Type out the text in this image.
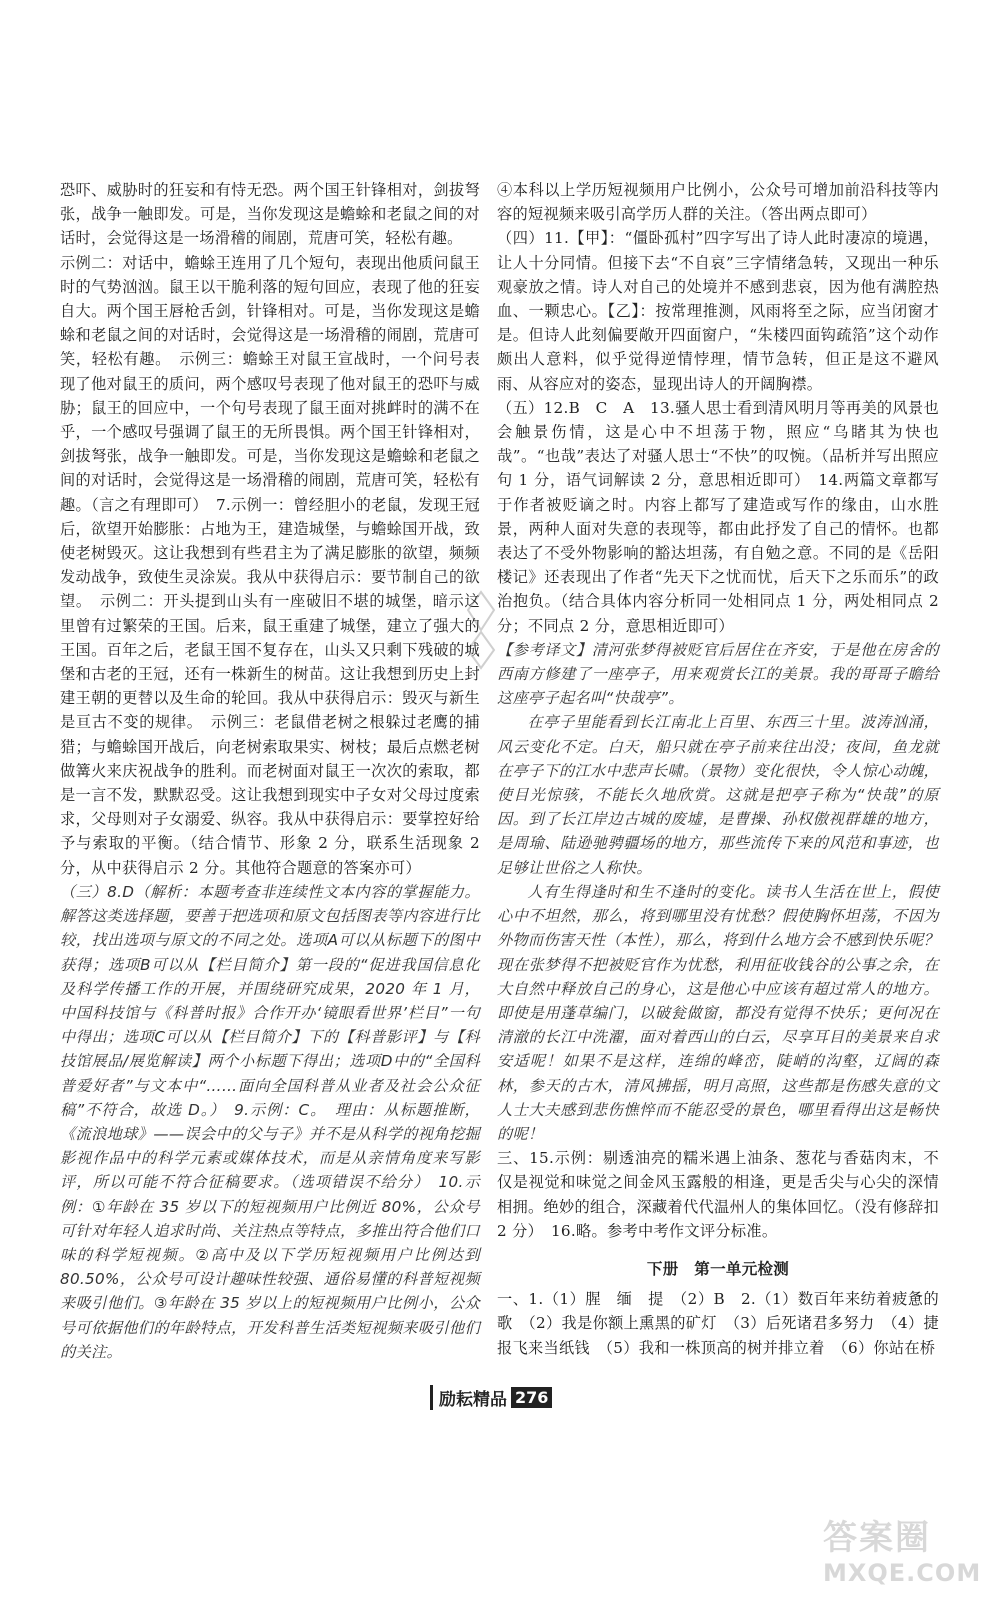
恐吓、威胁时的狂妄和有恃无恐。两个国王针锋相对，剑拔弩张，战争一触即发。可是，当你发现这是蟾蜍和老鼠之间的对话时，会觉得这是一场滑稽的闹剧，荒唐可笑，轻松有趣。

示例二：对话中，蟾蜍王连用了几个短句，表现出他质问鼠王时的气势汹汹。鼠王以干脆利落的短句回应，表现了他的狂妄自大。两个国王唇枪舌剑，针锋相对。可是，当你发现这是蟾蜍和老鼠之间的对话时，会觉得这是一场滑稽的闹剧，荒唐可笑，轻松有趣。　示例三：蟾蜍王对鼠王宣战时，一个问号表现了他对鼠王的质问，两个感叹号表现了他对鼠王的恐吓与威胁；鼠王的回应中，一个句号表现了鼠王面对挑衅时的满不在乎，一个感叹号强调了鼠王的无所畏惧。两个国王针锋相对，剑拔弩张，战争一触即发。可是，当你发现这是蟾蜍和老鼠之间的对话时，会觉得这是一场滑稽的闹剧，荒唐可笑，轻松有趣。（言之有理即可）　7.示例一：曾经胆小的老鼠，发现王冠后，欲望开始膨胀：占地为王，建造城堡，与蟾蜍国开战，致使老树毁灭。这让我想到有些君主为了满足膨胀的欲望，频频发动战争，致使生灵涂炭。我从中获得启示：要节制自己的欲望。　示例二：开头提到山头有一座破旧不堪的城堡，暗示这里曾有过繁荣的王国。后来，鼠王重建了城堡，建立了强大的王国。百年之后，老鼠王国不复存在，山头又只剩下残破的城堡和古老的王冠，还有一株新生的树苗。这让我想到历史上封建王朝的更替以及生命的轮回。我从中获得启示：毁灭与新生是亘古不变的规律。　示例三：老鼠借老树之根躲过老鹰的捕猎；与蟾蜍国开战后，向老树索取果实、树枝；最后点燃老树做篝火来庆祝战争的胜利。而老树面对鼠王一次次的索取，都是一言不发，默默忍受。这让我想到现实中子女对父母过度索求，父母则对子女溺爱、纵容。我从中获得启示：要掌控好给予与索取的平衡。（结合情节、形象 2 分，联系生活现象 2 分，从中获得启示 2 分。其他符合题意的答案亦可）

（三）8.D（解析：本题考查非连续性文本内容的掌握能力。解答这类选择题，要善于把选项和原文包括图表等内容进行比较，找出选项与原文的不同之处。选项A可以从标题下的图中获得；选项B可以从【栏目简介】第一段的“促进我国信息化及科学传播工作的开展，并围绕研究成果，2020 年 1 月，中国科技馆与《科普时报》合作开办‘镜眼看世界’栏目”一句中得出；选项C可以从【栏目简介】下的【科普影评】与【科技馆展品/展览解读】两个小标题下得出；选项D中的“全国科普爱好者”与文本中“……面向全国科普从业者及社会公众征稿”不符合，故选 D。）　9.示例：C。　理由：从标题推断，《流浪地球》——误会中的父与子》并不是从科学的视角挖掘影视作品中的科学元素或媒体技术，而是从亲情角度来写影评，所以可能不符合征稿要求。（选项错误不给分）　10.示例：①年龄在 35 岁以下的短视频用户比例近 80%，公众号可针对年轻人追求时尚、关注热点等特点，多推出符合他们口味的科学短视频。②高中及以下学历短视频用户比例达到 80.50%，公众号可设计趣味性较强、通俗易懂的科普短视频来吸引他们。③年龄在 35 岁以上的短视频用户比例小，公众号可依据他们的年龄特点，开发科普生活类短视频来吸引他们的关注。

④本科以上学历短视频用户比例小，公众号可增加前沿科技等内容的短视频来吸引高学历人群的关注。（答出两点即可）

（四）11.【甲】：“僵卧孤村”四字写出了诗人此时凄凉的境遇，让人十分同情。但接下去“不自哀”三字情绪急转，又现出一种乐观豪放之情。诗人对自己的处境并不感到悲哀，因为他有满腔热血、一颗忠心。【乙】：按常理推测，风雨将至之际，应当闭窗才是。但诗人此刻偏要敞开四面窗户，“朱楼四面钩疏箔”这个动作颇出人意料，似乎觉得逆情悖理，情节急转，但正是这不避风雨、从容应对的姿态，显现出诗人的开阔胸襟。

（五）12.B　C　A　13.骚人思士看到清风明月等再美的风景也会触景伤情，这是心中不坦荡于物，照应“乌睹其为快也哉”。“也哉”表达了对骚人思士“不快”的叹惋。（品析并写出照应句 1 分，语气词解读 2 分，意思相近即可）　14.两篇文章都写于作者被贬谪之时。内容上都写了建造或写作的缘由，山水胜景，两种人面对失意的表现等，都由此抒发了自己的情怀。也都表达了不受外物影响的豁达坦荡，有自勉之意。不同的是《岳阳楼记》还表现出了作者“先天下之忧而忧，后天下之乐而乐”的政治抱负。（结合具体内容分析同一处相同点 1 分，两处相同点 2 分；不同点 2 分，意思相近即可）

【参考译文】清河张梦得被贬官后居住在齐安，于是他在房舍的西南方修建了一座亭子，用来观赏长江的美景。我的哥哥子瞻给这座亭子起名叫“快哉亭”。

在亭子里能看到长江南北上百里、东西三十里。波涛汹涌，风云变化不定。白天，船只就在亭子前来往出没；夜间，鱼龙就在亭子下的江水中悲声长啸。（景物）变化很快，令人惊心动魄，使目光惊骇，不能长久地欣赏。这就是把亭子称为“快哉”的原因。到了长江岸边古城的废墟，是曹操、孙权傲视群雄的地方，是周瑜、陆逊驰骋疆场的地方，那些流传下来的风范和事迹，也足够让世俗之人称快。

人有生得逢时和生不逢时的变化。读书人生活在世上，假使心中不坦然，那么，将到哪里没有忧愁？假使胸怀坦荡，不因为外物而伤害天性（本性），那么，将到什么地方会不感到快乐呢？现在张梦得不把被贬官作为忧愁，利用征收钱谷的公事之余，在大自然中释放自己的身心，这是他心中应该有超过常人的地方。即使是用蓬草编门，以破瓮做窗，都没有觉得不快乐；更何况在清澈的长江中洗濯，面对着西山的白云，尽享耳目的美景来自求安适呢！如果不是这样，连绵的峰峦，陡峭的沟壑，辽阔的森林，参天的古木，清风拂摇，明月高照，这些都是伤感失意的文人士大夫感到悲伤憔悴而不能忍受的景色，哪里看得出这是畅快的呢！

三、15.示例：剔透油亮的糯米遇上油条、葱花与香菇肉末，不仅是视觉和味觉之间金风玉露般的相逢，更是舌尖与心尖的深情相拥。绝妙的组合，深藏着代代温州人的集体回忆。（没有修辞扣 2 分）　16.略。参考中考作文评分标准。

下册　第一单元检测

一、1.（1）腥　缅　提　（2）B　2.（1）数百年来纺着疲惫的歌　（2）我是你额上熏黑的矿灯　（3）后死诸君多努力　（4）捷报飞来当纸钱　（5）我和一株顶高的树并排立着　（6）你站在桥

励耘精品 276
答案圈
MXQE.COM
